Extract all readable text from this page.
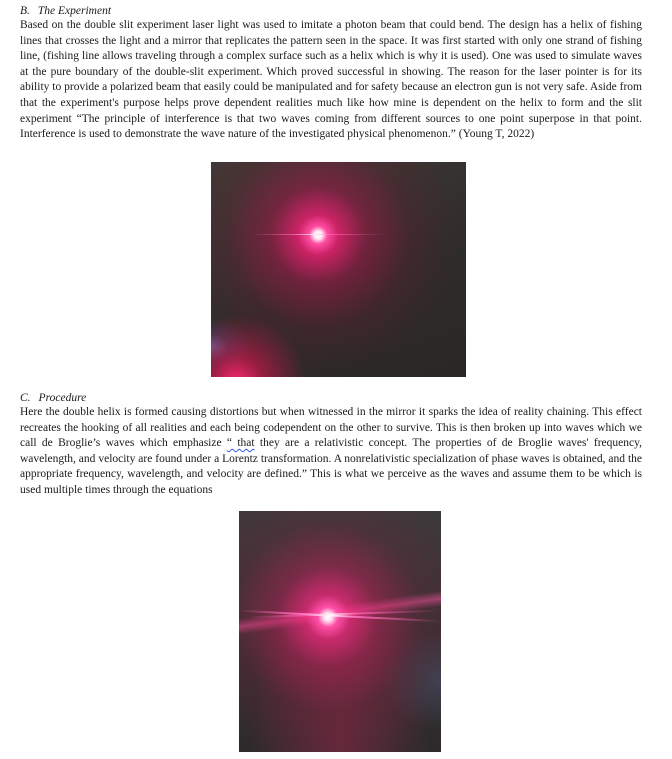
B. The Experiment

Based on the double slit experiment laser light was used to imitate a photon beam that could bend. The design has a helix of fishing lines that crosses the light and a mirror that replicates the pattern seen in the space. It was first started with only one strand of fishing line, (fishing line allows traveling through a complex surface such as a helix which is why it is used). One was used to simulate waves at the pure boundary of the double-slit experiment. Which proved successful in showing. The reason for the laser pointer is for its ability to provide a polarized beam that easily could be manipulated and for safety because an electron gun is not very safe. Aside from that the experiment's purpose helps prove dependent realities much like how mine is dependent on the helix to form and the slit experiment “The principle of interference is that two waves coming from different sources to one point superpose in that point. Interference is used to demonstrate the wave nature of the investigated physical phenomenon.” (Young T, 2022)

C. Procedure

Here the double helix is formed causing distortions but when witnessed in the mirror it sparks the idea of reality chaining. This effect recreates the hooking of all realities and each being codependent on the other to survive. This is then broken up into waves which we call de Broglie’s waves which emphasize “ that they are a relativistic concept. The properties of de Broglie waves' frequency, wavelength, and velocity are found under a Lorentz transformation. A nonrelativistic specialization of phase waves is obtained, and the appropriate frequency, wavelength, and velocity are defined.” This is what we perceive as the waves and assume them to be which is used multiple times through the equations
